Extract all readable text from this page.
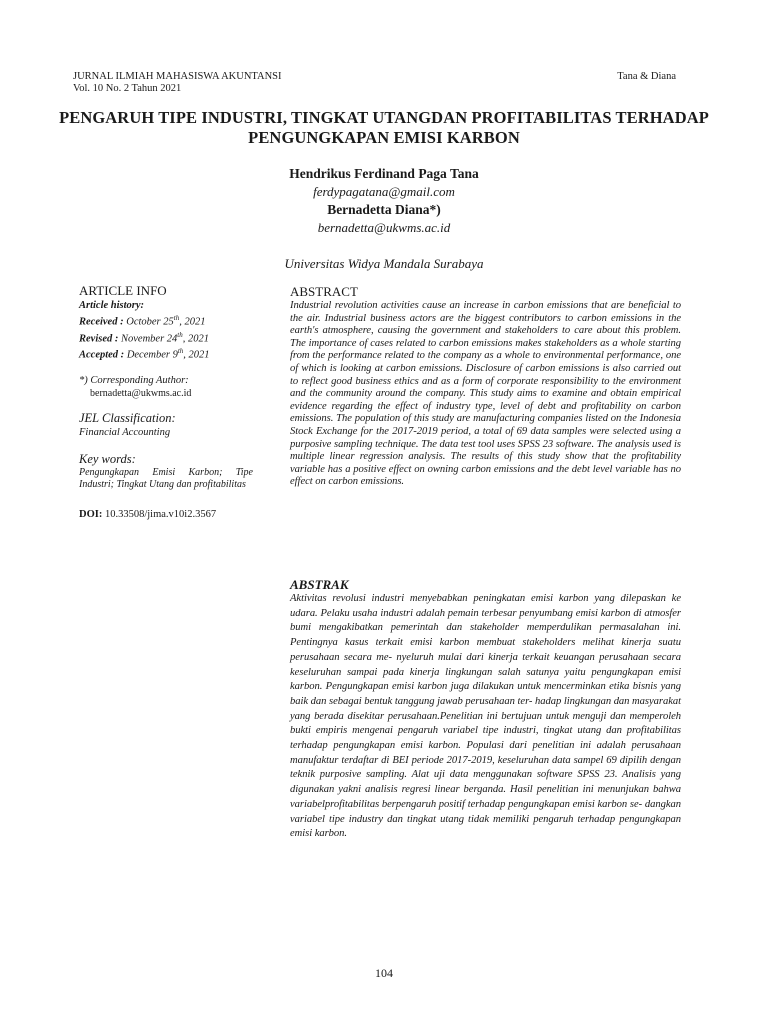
JURNAL ILMIAH MAHASISWA AKUNTANSI
Vol. 10 No. 2 Tahun 2021
Tana & Diana
PENGARUH TIPE INDUSTRI, TINGKAT UTANGDAN PROFITABILITAS TERHADAP PENGUNGKAPAN EMISI KARBON
Hendrikus Ferdinand Paga Tana
ferdypagatana@gmail.com
Bernadetta Diana*)
bernadetta@ukwms.ac.id
Universitas Widya Mandala Surabaya
ARTICLE INFO
Article history:
Received : October 25th, 2021
Revised : November 24th, 2021
Accepted : December 9th, 2021
*) Corresponding Author:
bernadetta@ukwms.ac.id
JEL Classification:
Financial Accounting
Key words:
Pengungkapan Emisi Karbon; Tipe Industri; Tingkat Utang dan profitabilitas
DOI: 10.33508/jima.v10i2.3567
ABSTRACT
Industrial revolution activities cause an increase in carbon emissions that are beneficial to the air. Industrial business actors are the biggest contributors to carbon emissions in the earth's atmosphere, causing the government and stakeholders to care about this problem. The importance of cases related to carbon emissions makes stakeholders as a whole starting from the performance related to the company as a whole to environmental performance, one of which is looking at carbon emissions. Disclosure of carbon emissions is also carried out to reflect good business ethics and as a form of corporate responsibility to the environment and the community around the company. This study aims to examine and obtain empirical evidence regarding the effect of industry type, level of debt and profitability on carbon emissions. The population of this study are manufacturing companies listed on the Indonesia Stock Exchange for the 2017-2019 period, a total of 69 data samples were selected using a purposive sampling technique. The data test tool uses SPSS 23 software. The analysis used is multiple linear regression analysis. The results of this study show that the profitability variable has a positive effect on owning carbon emissions and the debt level variable has no effect on carbon emissions.
ABSTRAK
Aktivitas revolusi industri menyebabkan peningkatan emisi karbon yang dilepaskan ke udara. Pelaku usaha industri adalah pemain terbesar penyumbang emisi karbon di atmosfer bumi mengakibatkan pemerintah dan stakeholder memperdulikan permasalahan ini. Pentingnya kasus terkait emisi karbon membuat stakeholders melihat kinerja suatu perusahaan secara me- nyeluruh mulai dari kinerja terkait keuangan perusahaan secara keseluruhan sampai pada kinerja lingkungan salah satunya yaitu pengungkapan emisi karbon. Pengungkapan emisi karbon juga dilakukan untuk mencerminkan etika bisnis yang baik dan sebagai bentuk tanggung jawab perusahaan ter- hadap lingkungan dan masyarakat yang berada disekitar perusahaan.Penelitian ini bertujuan untuk menguji dan memperoleh bukti empiris mengenai pengaruh variabel tipe industri, tingkat utang dan profitabilitas terhadap pengungkapan emisi karbon. Populasi dari penelitian ini adalah perusahaan manufaktur terdaftar di BEI periode 2017-2019, keseluruhan data sampel 69 dipilih dengan teknik purposive sampling. Alat uji data menggunakan software SPSS 23. Analisis yang digunakan yakni analisis regresi linear berganda. Hasil penelitian ini menunjukan bahwa variabelprofitabilitas berpengaruh positif terhadap pengungkapan emisi karbon se- dangkan variabel tipe industry dan tingkat utang tidak memiliki pengaruh terhadap pengungkapan emisi karbon.
104
